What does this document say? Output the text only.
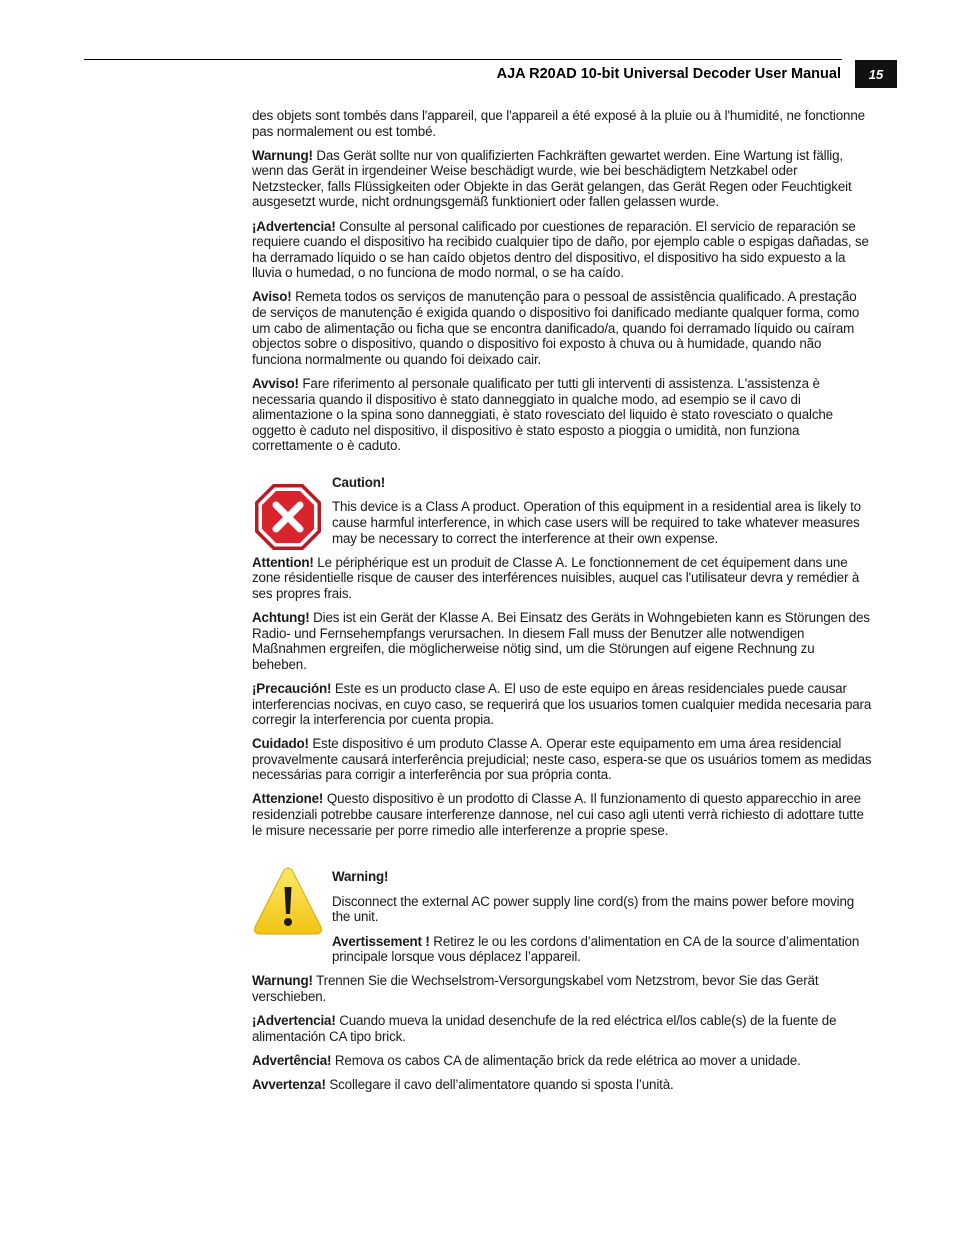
AJA R20AD 10-bit Universal Decoder User Manual	15

des objets sont tombés dans l'appareil, que l'appareil a été exposé à la pluie ou à l'humidité, ne fonctionne pas normalement ou est tombé.

Warnung! Das Gerät sollte nur von qualifizierten Fachkräften gewartet werden. Eine Wartung ist fällig, wenn das Gerät in irgendeiner Weise beschädigt wurde, wie bei beschädigtem Netzkabel oder Netzstecker, falls Flüssigkeiten oder Objekte in das Gerät gelangen, das Gerät Regen oder Feuchtigkeit ausgesetzt wurde, nicht ordnungsgemäß funktioniert oder fallen gelassen wurde.

¡Advertencia! Consulte al personal calificado por cuestiones de reparación. El servicio de reparación se requiere cuando el dispositivo ha recibido cualquier tipo de daño, por ejemplo cable o espigas dañadas, se ha derramado líquido o se han caído objetos dentro del dispositivo, el dispositivo ha sido expuesto a la lluvia o humedad, o no funciona de modo normal, o se ha caído.

Aviso! Remeta todos os serviços de manutenção para o pessoal de assistência qualificado. A prestação de serviços de manutenção é exigida quando o dispositivo foi danificado mediante qualquer forma, como um cabo de alimentação ou ficha que se encontra danificado/a, quando foi derramado líquido ou caíram objectos sobre o dispositivo, quando o dispositivo foi exposto à chuva ou à humidade, quando não funciona normalmente ou quando foi deixado cair.

Avviso! Fare riferimento al personale qualificato per tutti gli interventi di assistenza. L'assistenza è necessaria quando il dispositivo è stato danneggiato in qualche modo, ad esempio se il cavo di alimentazione o la spina sono danneggiati, è stato rovesciato del liquido è stato rovesciato o qualche oggetto è caduto nel dispositivo, il dispositivo è stato esposto a pioggia o umidità, non funziona correttamente o è caduto.

Caution!

This device is a Class A product. Operation of this equipment in a residential area is likely to cause harmful interference, in which case users will be required to take whatever measures may be necessary to correct the interference at their own expense.

Attention! Le périphérique est un produit de Classe A. Le fonctionnement de cet équipement dans une zone résidentielle risque de causer des interférences nuisibles, auquel cas l'utilisateur devra y remédier à ses propres frais.

Achtung! Dies ist ein Gerät der Klasse A. Bei Einsatz des Geräts in Wohngebieten kann es Störungen des Radio- und Fernsehempfangs verursachen. In diesem Fall muss der Benutzer alle notwendigen Maßnahmen ergreifen, die möglicherweise nötig sind, um die Störungen auf eigene Rechnung zu beheben.

¡Precaución! Este es un producto clase A. El uso de este equipo en áreas residenciales puede causar interferencias nocivas, en cuyo caso, se requerirá que los usuarios tomen cualquier medida necesaria para corregir la interferencia por cuenta propia.

Cuidado! Este dispositivo é um produto Classe A. Operar este equipamento em uma área residencial provavelmente causará interferência prejudicial; neste caso, espera-se que os usuários tomem as medidas necessárias para corrigir a interferência por sua própria conta.

Attenzione! Questo dispositivo è un prodotto di Classe A. Il funzionamento di questo apparecchio in aree residenziali potrebbe causare interferenze dannose, nel cui caso agli utenti verrà richiesto di adottare tutte le misure necessarie per porre rimedio alle interferenze a proprie spese.

Warning!

Disconnect the external AC power supply line cord(s) from the mains power before moving the unit.

Avertissement ! Retirez le ou les cordons d’alimentation en CA de la source d’alimentation principale lorsque vous déplacez l’appareil.

Warnung! Trennen Sie die Wechselstrom-Versorgungskabel vom Netzstrom, bevor Sie das Gerät verschieben.

¡Advertencia! Cuando mueva la unidad desenchufe de la red eléctrica el/los cable(s) de la fuente de alimentación CA tipo brick.

Advertência! Remova os cabos CA de alimentação brick da rede elétrica ao mover a unidade.

Avvertenza! Scollegare il cavo dell’alimentatore quando si sposta l’unità.
